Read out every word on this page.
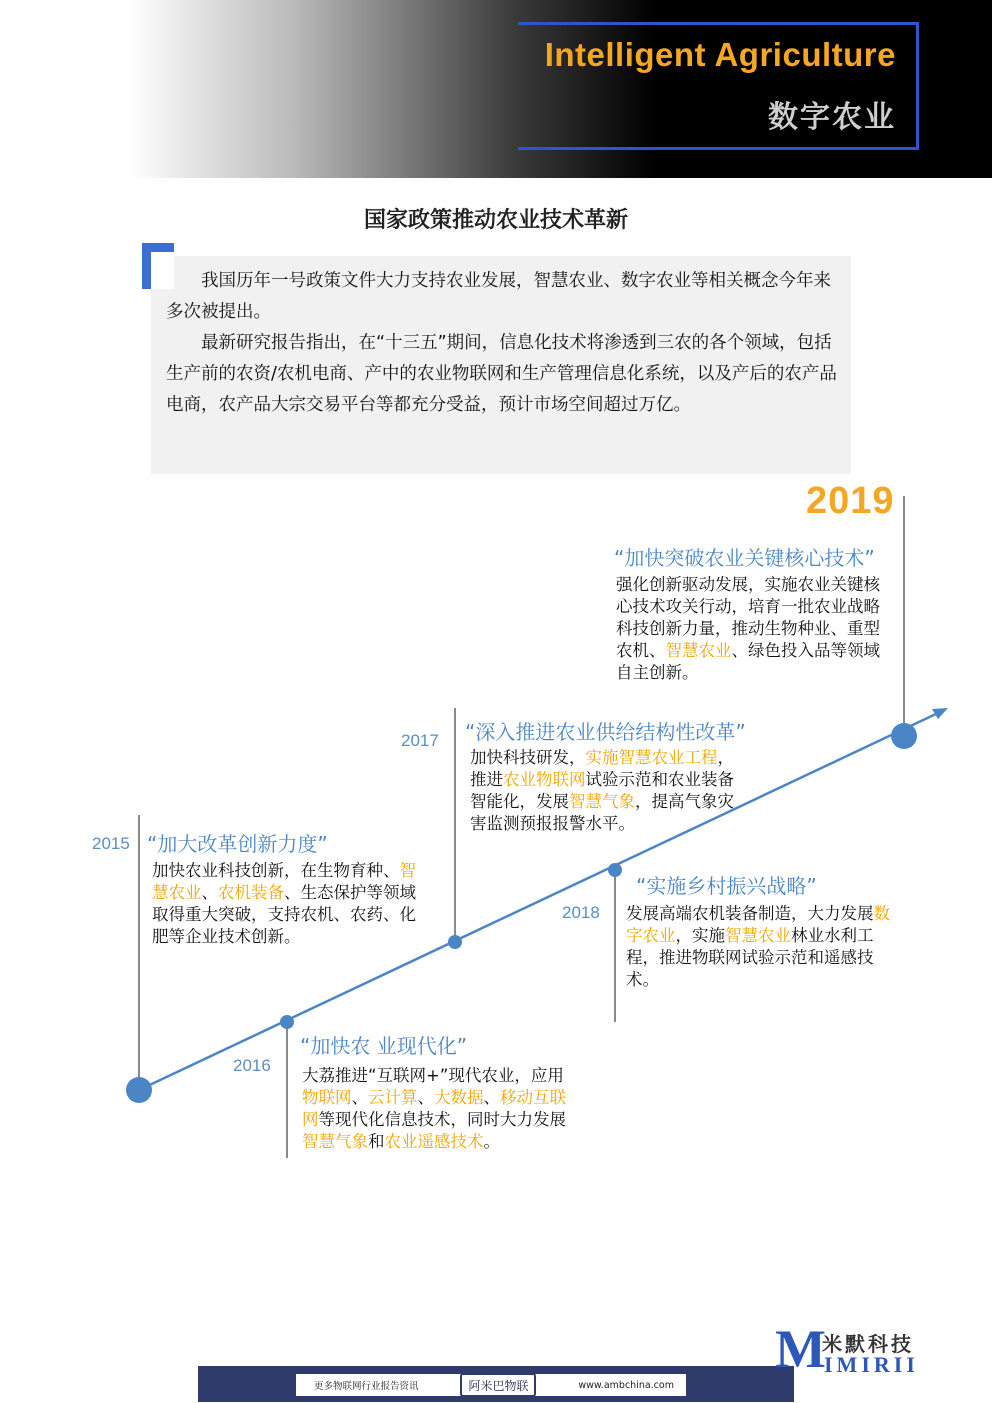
Intelligent Agriculture
数字农业
国家政策推动农业技术革新

我国历年一号政策文件大力支持农业发展，智慧农业、数字农业等相关概念今年来多次被提出。

最新研究报告指出，在“十三五”期间，信息化技术将渗透到三农的各个领域，包括生产前的农资/农机电商、产中的农业物联网和生产管理信息化系统，以及产后的农产品电商，农产品大宗交易平台等都充分受益，预计市场空间超过万亿。

2015 “加大改革创新力度”
加快农业科技创新，在生物育种、智慧农业、农机装备、生态保护等领域取得重大突破，支持农机、农药、化肥等企业技术创新。
2016
“加快农 业现代化”
大荔推进“互联网+”现代农业，应用物联网、云计算、大数据、移动互联网等现代化信息技术，同时大力发展智慧气象和农业遥感技术。
2017 “深入推进农业供给结构性改革”
加快科技研发，实施智慧农业工程，推进农业物联网试验示范和农业装备智能化，发展智慧气象，提高气象灾害监测预报报警水平。
2018
“实施乡村振兴战略”
发展高端农机装备制造，大力发展数字农业，实施智慧农业林业水利工程，推进物联网试验示范和遥感技术。
2019
“加快突破农业关键核心技术”
强化创新驱动发展，实施农业关键核心技术攻关行动，培育一批农业战略科技创新力量，推动生物种业、重型农机、智慧农业、绿色投入品等领域自主创新。
更多物联网行业报告资讯	阿米巴物联	www.ambchina.com
M
米默科技
IMIRII
